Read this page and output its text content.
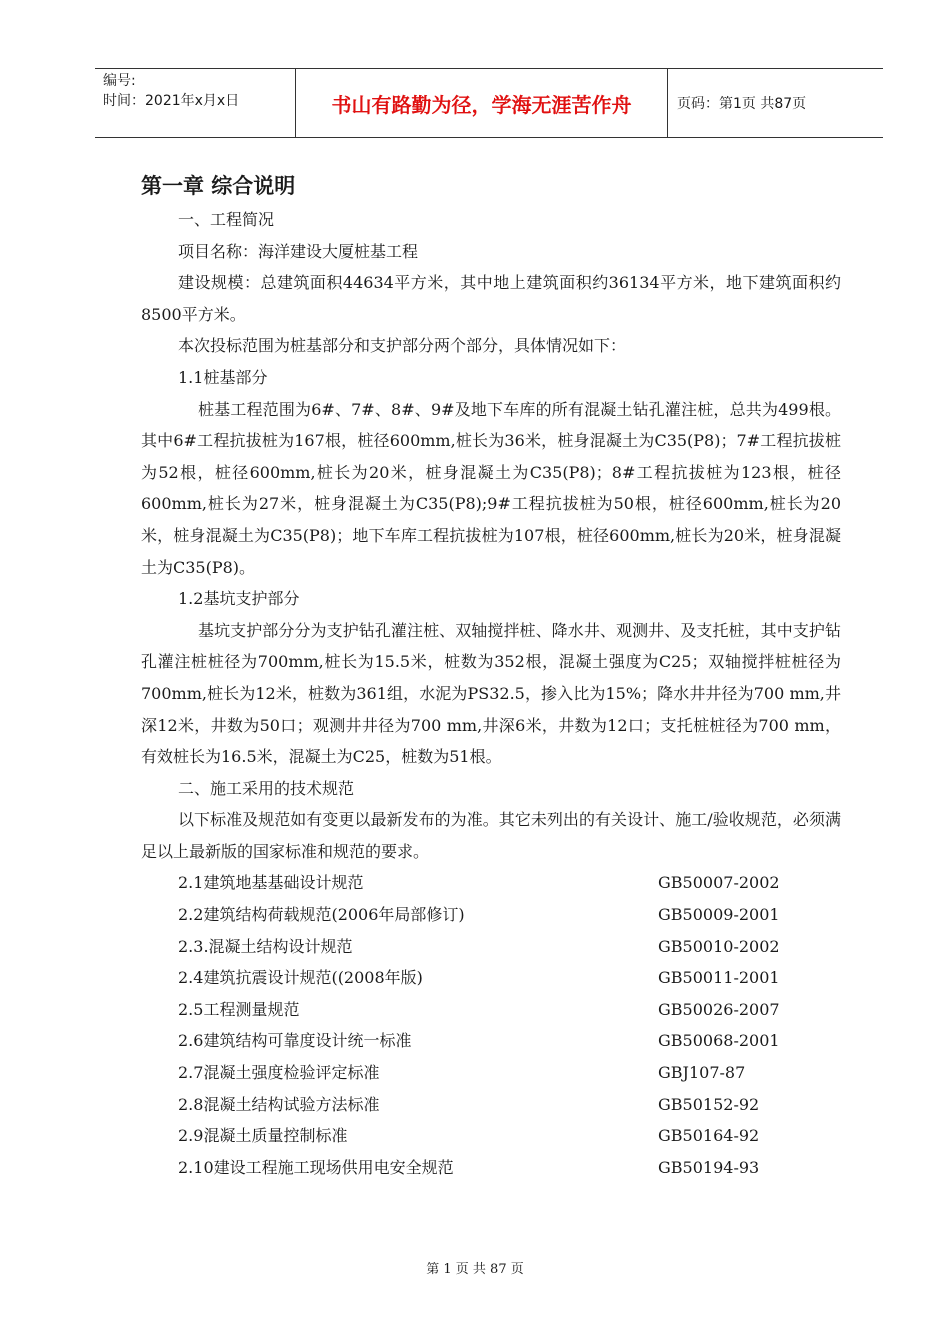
编号:
时间：2021年x月x日	书山有路勤为径，学海无涯苦作舟	页码：第1页 共87页
第一章 综合说明

一、工程简况

项目名称：海洋建设大厦桩基工程

建设规模：总建筑面积44634平方米，其中地上建筑面积约36134平方米，地下建筑面积约8500平方米。

本次投标范围为桩基部分和支护部分两个部分，具体情况如下：

1.1桩基部分

桩基工程范围为6#、7#、8#、9#及地下车库的所有混凝土钻孔灌注桩，总共为499根。其中6#工程抗拔桩为167根，桩径600mm,桩长为36米，桩身混凝土为C35(P8)；7#工程抗拔桩为52根，桩径600mm,桩长为20米，桩身混凝土为C35(P8)；8#工程抗拔桩为123根，桩径600mm,桩长为27米，桩身混凝土为C35(P8);9#工程抗拔桩为50根，桩径600mm,桩长为20米，桩身混凝土为C35(P8)；地下车库工程抗拔桩为107根，桩径600mm,桩长为20米，桩身混凝土为C35(P8)。

1.2基坑支护部分

基坑支护部分分为支护钻孔灌注桩、双轴搅拌桩、降水井、观测井、及支托桩，其中支护钻孔灌注桩桩径为700mm,桩长为15.5米，桩数为352根，混凝土强度为C25；双轴搅拌桩桩径为700mm,桩长为12米，桩数为361组，水泥为PS32.5，掺入比为15%；降水井井径为700 mm,井深12米，井数为50口；观测井井径为700 mm,井深6米，井数为12口；支托桩桩径为700 mm，有效桩长为16.5米，混凝土为C25，桩数为51根。

二、施工采用的技术规范

以下标准及规范如有变更以最新发布的为准。其它未列出的有关设计、施工/验收规范，必须满足以上最新版的国家标准和规范的要求。

2.1建筑地基基础设计规范	GB50007-2002
2.2建筑结构荷载规范(2006年局部修订)	GB50009-2001
2.3.混凝土结构设计规范	GB50010-2002
2.4建筑抗震设计规范((2008年版)	GB50011-2001
2.5工程测量规范	GB50026-2007
2.6建筑结构可靠度设计统一标准	GB50068-2001
2.7混凝土强度检验评定标准	GBJ107-87
2.8混凝土结构试验方法标准	GB50152-92
2.9混凝土质量控制标准	GB50164-92
2.10建设工程施工现场供用电安全规范	GB50194-93
第 1 页 共 87 页
